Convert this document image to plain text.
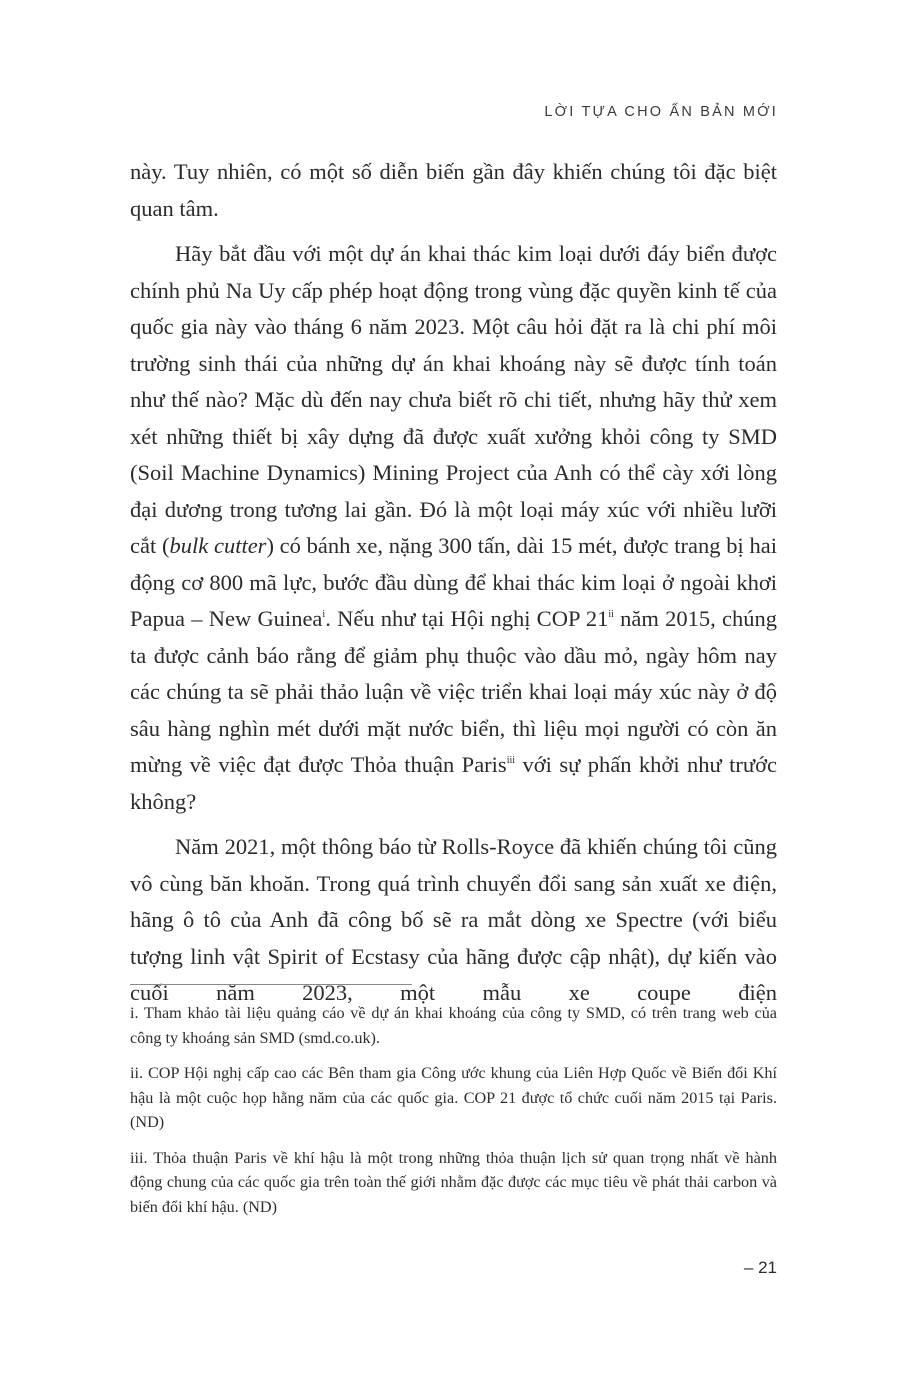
LỜI TỰA CHO ẤN BẢN MỚI

này. Tuy nhiên, có một số diễn biến gần đây khiến chúng tôi đặc biệt quan tâm.

Hãy bắt đầu với một dự án khai thác kim loại dưới đáy biển được chính phủ Na Uy cấp phép hoạt động trong vùng đặc quyền kinh tế của quốc gia này vào tháng 6 năm 2023. Một câu hỏi đặt ra là chi phí môi trường sinh thái của những dự án khai khoáng này sẽ được tính toán như thế nào? Mặc dù đến nay chưa biết rõ chi tiết, nhưng hãy thử xem xét những thiết bị xây dựng đã được xuất xưởng khỏi công ty SMD (Soil Machine Dynamics) Mining Project của Anh có thể cày xới lòng đại dương trong tương lai gần. Đó là một loại máy xúc với nhiều lưỡi cắt (bulk cutter) có bánh xe, nặng 300 tấn, dài 15 mét, được trang bị hai động cơ 800 mã lực, bước đầu dùng để khai thác kim loại ở ngoài khơi Papua – New Guinea$^i$. Nếu như tại Hội nghị COP 21$^{ii}$ năm 2015, chúng ta được cảnh báo rằng để giảm phụ thuộc vào dầu mỏ, ngày hôm nay các chúng ta sẽ phải thảo luận về việc triển khai loại máy xúc này ở độ sâu hàng nghìn mét dưới mặt nước biển, thì liệu mọi người có còn ăn mừng về việc đạt được Thỏa thuận Paris$^{iii}$ với sự phấn khởi như trước không?

Năm 2021, một thông báo từ Rolls-Royce đã khiến chúng tôi cũng vô cùng băn khoăn. Trong quá trình chuyển đổi sang sản xuất xe điện, hãng ô tô của Anh đã công bố sẽ ra mắt dòng xe Spectre (với biểu tượng linh vật Spirit of Ecstasy của hãng được cập nhật), dự kiến vào cuối năm 2023, một mẫu xe coupe điện

i. Tham khảo tài liệu quảng cáo về dự án khai khoáng của công ty SMD, có trên trang web của công ty khoáng sản SMD (smd.co.uk).

ii. COP Hội nghị cấp cao các Bên tham gia Công ước khung của Liên Hợp Quốc về Biến đổi Khí hậu là một cuộc họp hằng năm của các quốc gia. COP 21 được tổ chức cuối năm 2015 tại Paris. (ND)

iii. Thỏa thuận Paris về khí hậu là một trong những thỏa thuận lịch sử quan trọng nhất về hành động chung của các quốc gia trên toàn thế giới nhằm đặc được các mục tiêu về phát thải carbon và biến đổi khí hậu. (ND)

– 21
